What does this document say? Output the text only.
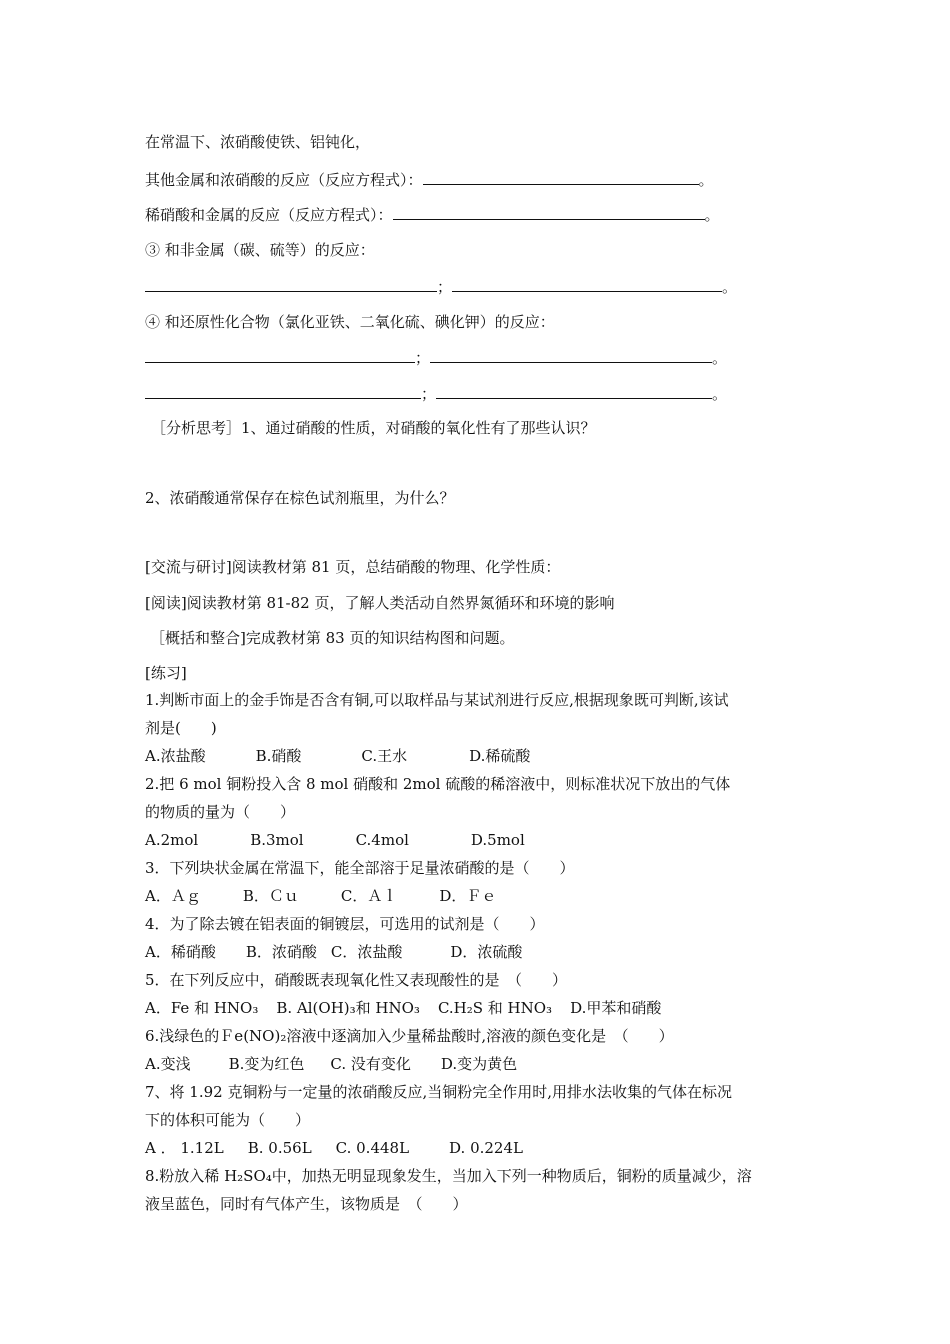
在常温下、浓硝酸使铁、铝钝化，
其他金属和浓硝酸的反应（反应方程式）：	。
稀硝酸和金属的反应（反应方程式）：	。
③ 和非金属（碳、硫等）的反应：
；	。
④ 和还原性化合物（氯化亚铁、二氧化硫、碘化钾）的反应：
；	。
；	。
［分析思考］1、通过硝酸的性质，对硝酸的氧化性有了那些认识？
2、浓硝酸通常保存在棕色试剂瓶里，为什么？
[交流与研讨]阅读教材第 81 页，总结硝酸的物理、化学性质：
[阅读]阅读教材第 81-82 页，了解人类活动自然界氮循环和环境的影响
［概括和整合]完成教材第 83 页的知识结构图和问题。
[练习]
1.判断市面上的金手饰是否含有铜,可以取样品与某试剂进行反应,根据现象既可判断,该试
剂是(　　)
A.浓盐酸	B.硝酸	C.王水	D.稀硫酸
2.把 6 mol 铜粉投入含 8 mol 硝酸和 2mol 硫酸的稀溶液中，则标准状况下放出的气体
的物质的量为（　　）
A.2mol	B.3mol	C.4mol	D.5mol
3．下列块状金属在常温下，能全部溶于足量浓硝酸的是（　　）
A．Ａｇ	B．Ｃｕ	C．Ａｌ	D．Ｆｅ
4．为了除去镀在铝表面的铜镀层，可选用的试剂是（　　）
A．稀硝酸 B．浓硝酸 C．浓盐酸	D．浓硫酸
5．在下列反应中，硝酸既表现氧化性又表现酸性的是　（　　）
A．Fe 和 HNO₃ B. Al(OH)₃和 HNO₃ C.H₂S 和 HNO₃ D.甲苯和硝酸
6.浅绿色的Ｆe(NO)₂溶液中逐滴加入少量稀盐酸时,溶液的颜色变化是　（　　）
A.变浅	B.变为红色 C. 没有变化 D.变为黄色
7、将 1.92 克铜粉与一定量的浓硝酸反应,当铜粉完全作用时,用排水法收集的气体在标况
下的体积可能为（　　）
A ． 1.12L B. 0.56L C. 0.448L	D. 0.224L
8.粉放入稀 H₂SO₄中，加热无明显现象发生，当加入下列一种物质后，铜粉的质量减少，溶
液呈蓝色，同时有气体产生，该物质是　（　　）
